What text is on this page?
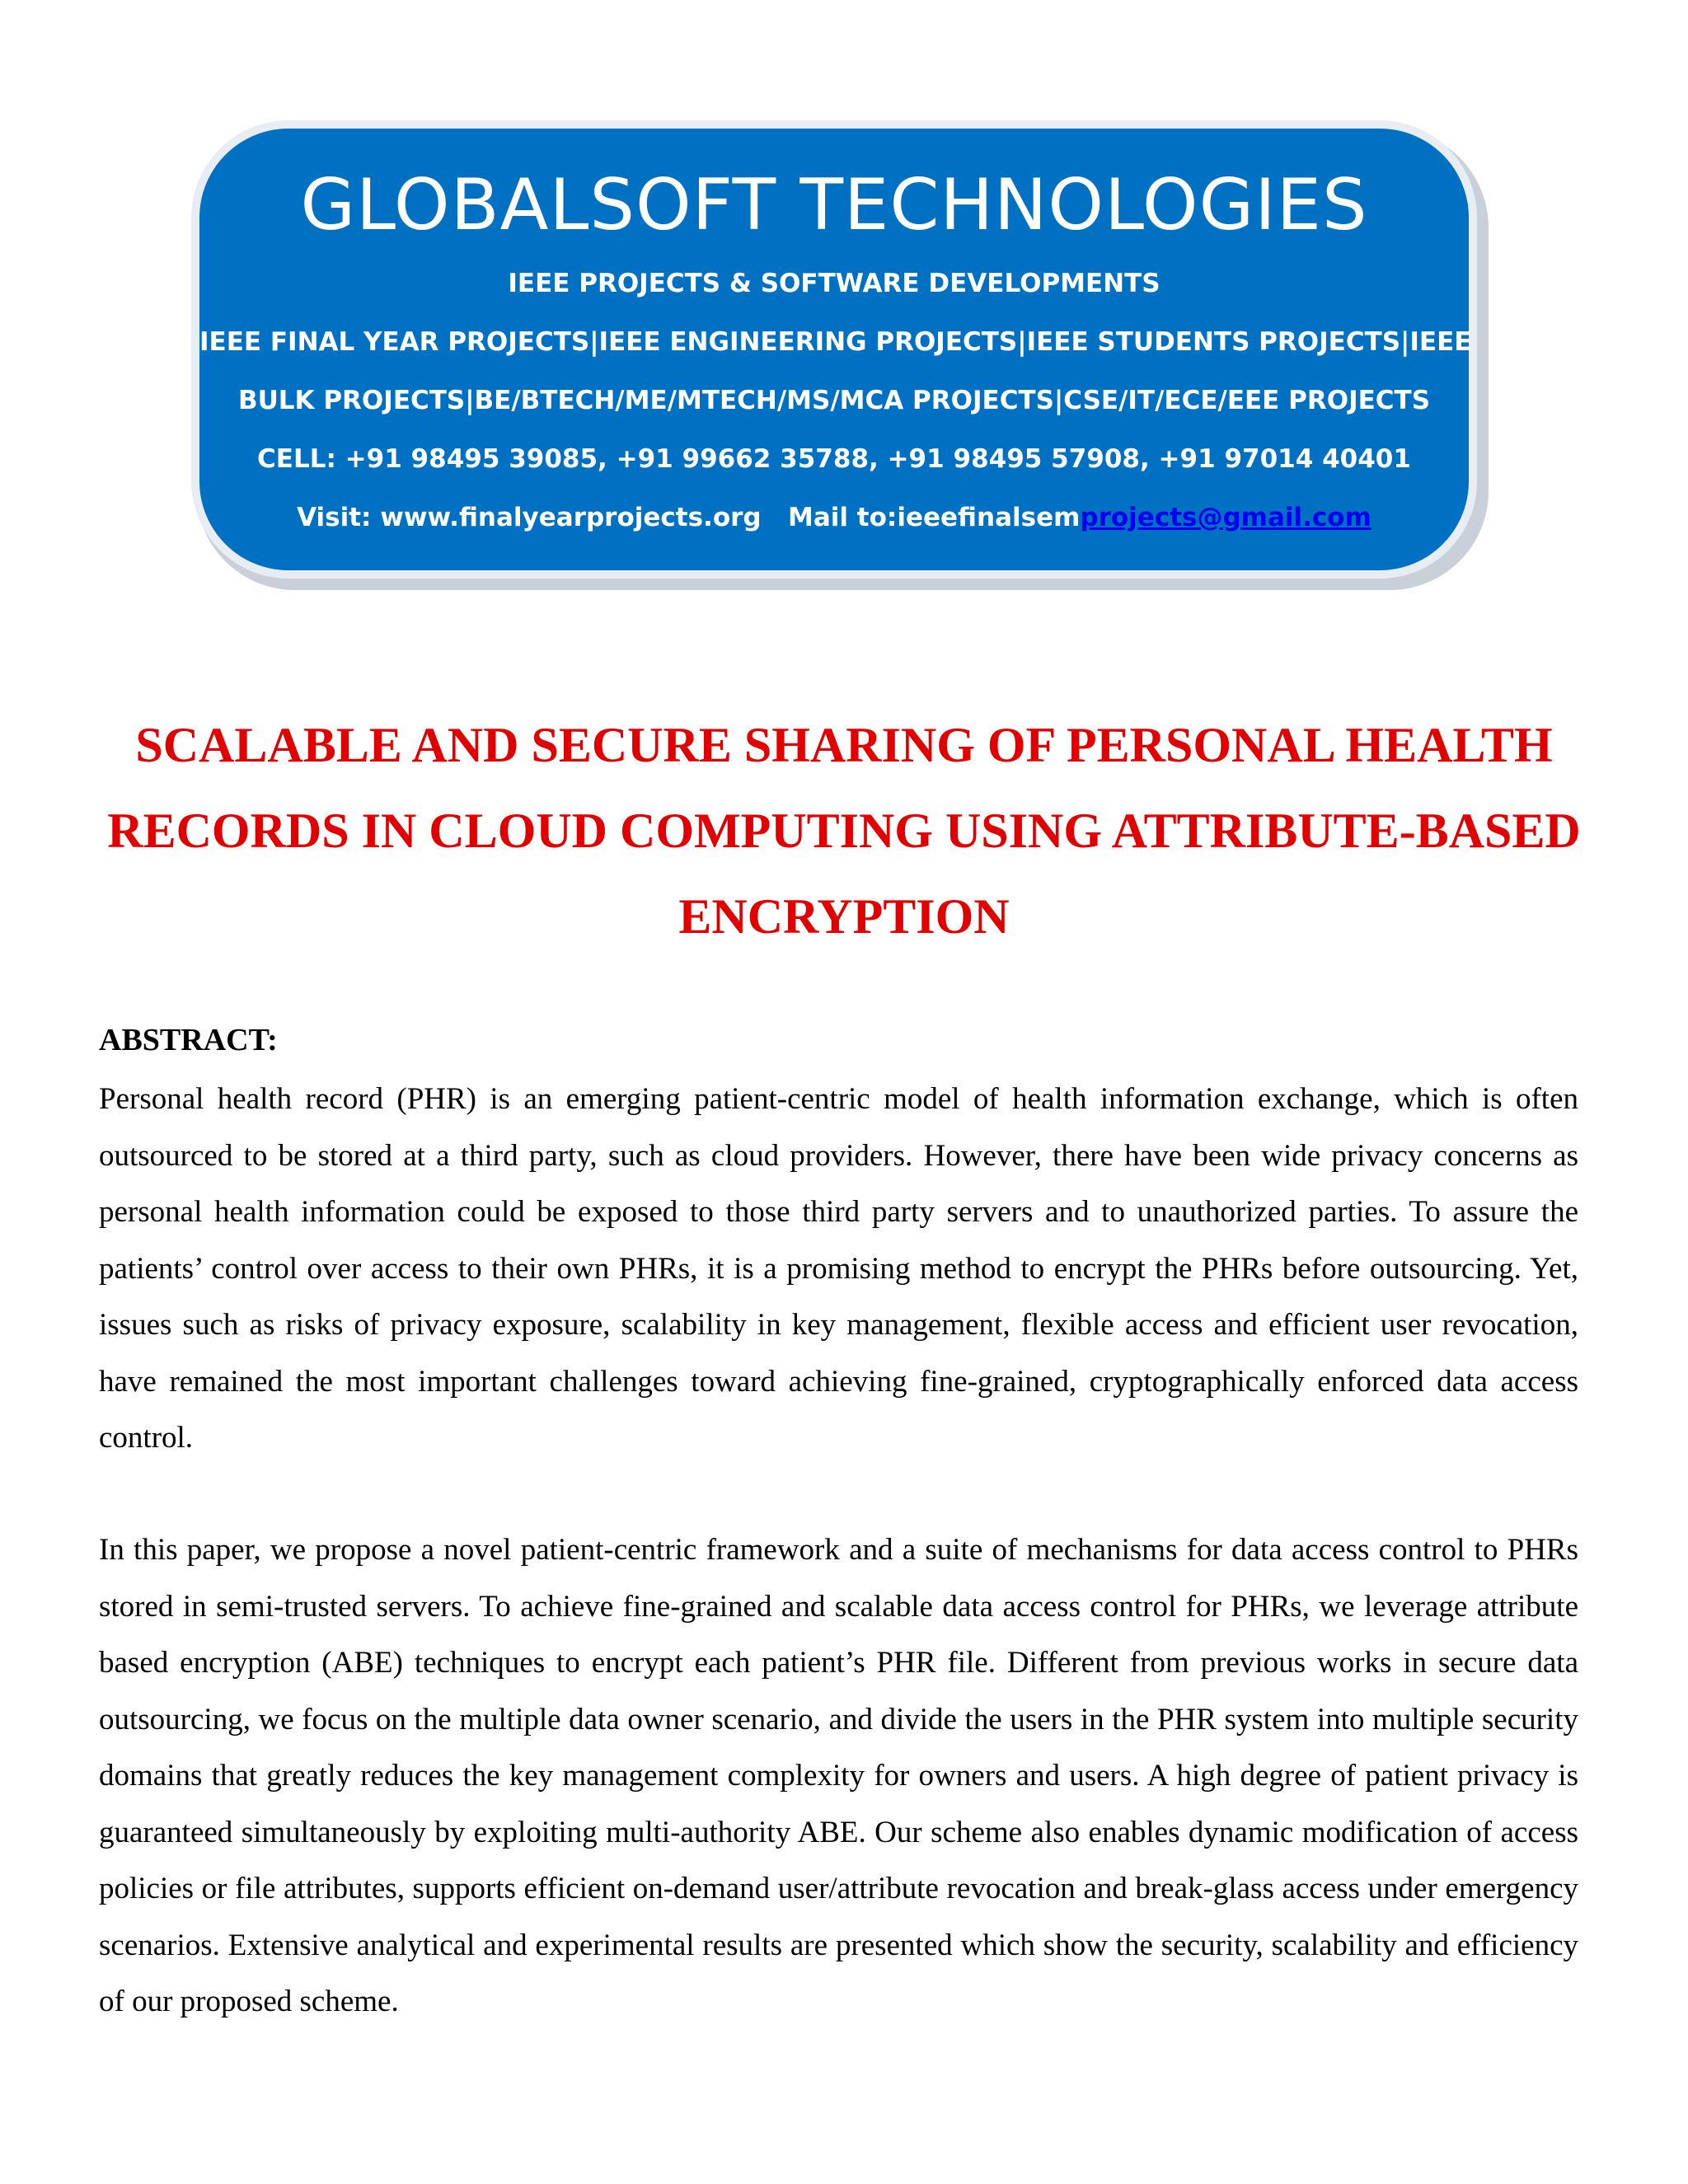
GLOBALSOFT TECHNOLOGIES
IEEE PROJECTS & SOFTWARE DEVELOPMENTS
IEEE FINAL YEAR PROJECTS|IEEE ENGINEERING PROJECTS|IEEE STUDENTS PROJECTS|IEEE
BULK PROJECTS|BE/BTECH/ME/MTECH/MS/MCA PROJECTS|CSE/IT/ECE/EEE PROJECTS
CELL: +91 98495 39085, +91 99662 35788, +91 98495 57908, +91 97014 40401
Visit: www.finalyearprojects.org Mail to:ieeefinalsemprojects@gmail.com
SCALABLE AND SECURE SHARING OF PERSONAL HEALTH
RECORDS IN CLOUD COMPUTING USING ATTRIBUTE-BASED
ENCRYPTION
ABSTRACT:
Personal health record (PHR) is an emerging patient-centric model of health information exchange, which is often outsourced to be stored at a third party, such as cloud providers. However, there have been wide privacy concerns as personal health information could be exposed to those third party servers and to unauthorized parties. To assure the patients’ control over access to their own PHRs, it is a promising method to encrypt the PHRs before outsourcing. Yet, issues such as risks of privacy exposure, scalability in key management, flexible access and efficient user revocation, have remained the most important challenges toward achieving fine-grained, cryptographically enforced data access control.
In this paper, we propose a novel patient-centric framework and a suite of mechanisms for data access control to PHRs stored in semi-trusted servers. To achieve fine-grained and scalable data access control for PHRs, we leverage attribute based encryption (ABE) techniques to encrypt each patient’s PHR file. Different from previous works in secure data outsourcing, we focus on the multiple data owner scenario, and divide the users in the PHR system into multiple security domains that greatly reduces the key management complexity for owners and users. A high degree of patient privacy is guaranteed simultaneously by exploiting multi-authority ABE. Our scheme also enables dynamic modification of access policies or file attributes, supports efficient on-demand user/attribute revocation and break-glass access under emergency scenarios. Extensive analytical and experimental results are presented which show the security, scalability and efficiency of our proposed scheme.
